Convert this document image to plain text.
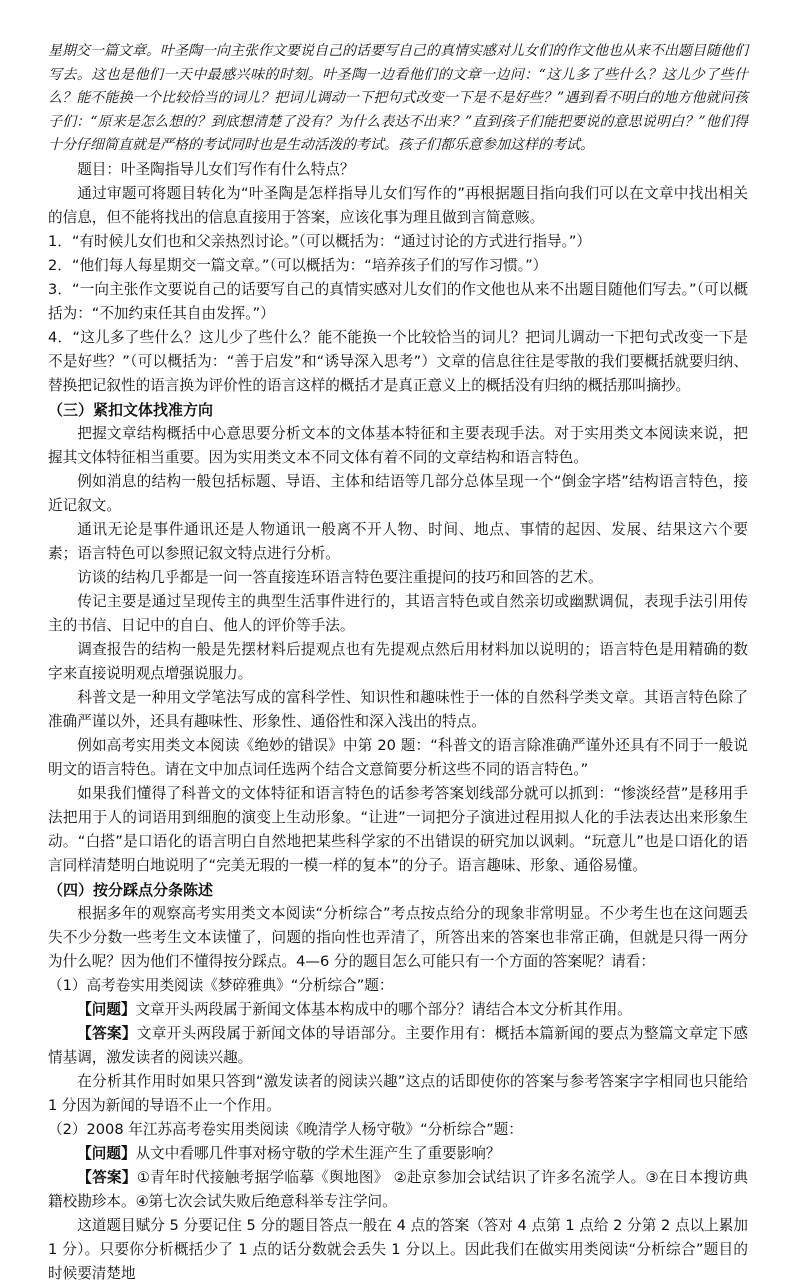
星期交一篇文章。叶圣陶一向主张作文要说自己的话要写自己的真情实感对儿女们的作文他也从来不出题目随他们写去。这也是他们一天中最感兴味的时刻。叶圣陶一边看他们的文章一边问：“这儿多了些什么？这儿少了些什么？能不能换一个比较恰当的词儿？把词儿调动一下把句式改变一下是不是好些？”遇到看不明白的地方他就问孩子们：“原来是怎么想的？到底想清楚了没有？为什么表达不出来？”直到孩子们能把要说的意思说明白？”他们得十分仔细简直就是严格的考试同时也是生动活泼的考试。孩子们都乐意参加这样的考试。

题目：叶圣陶指导儿女们写作有什么特点？

通过审题可将题目转化为“叶圣陶是怎样指导儿女们写作的”再根据题目指向我们可以在文章中找出相关的信息，但不能将找出的信息直接用于答案，应该化事为理且做到言简意赅。

1．“有时候儿女们也和父亲热烈讨论。”（可以概括为：“通过讨论的方式进行指导。”）

2．“他们每人每星期交一篇文章。”（可以概括为：“培养孩子们的写作习惯。”）

3．“一向主张作文要说自己的话要写自己的真情实感对儿女们的作文他也从来不出题目随他们写去。”（可以概括为：“不加约束任其自由发挥。”）

4．“这儿多了些什么？这儿少了些什么？能不能换一个比较恰当的词儿？把词儿调动一下把句式改变一下是不是好些？”（可以概括为：“善于启发”和“诱导深入思考”）文章的信息往往是零散的我们要概括就要归纳、替换把记叙性的语言换为评价性的语言这样的概括才是真正意义上的概括没有归纳的概括那叫摘抄。

（三）紧扣文体找准方向

把握文章结构概括中心意思要分析文本的文体基本特征和主要表现手法。对于实用类文本阅读来说，把握其文体特征相当重要。因为实用类文本不同文体有着不同的文章结构和语言特色。

例如消息的结构一般包括标题、导语、主体和结语等几部分总体呈现一个“倒金字塔”结构语言特色，接近记叙文。

通讯无论是事件通讯还是人物通讯一般离不开人物、时间、地点、事情的起因、发展、结果这六个要素；语言特色可以参照记叙文特点进行分析。

访谈的结构几乎都是一问一答直接连环语言特色要注重提问的技巧和回答的艺术。

传记主要是通过呈现传主的典型生活事件进行的，其语言特色或自然亲切或幽默调侃，表现手法引用传主的书信、日记中的自白、他人的评价等手法。

调查报告的结构一般是先摆材料后提观点也有先提观点然后用材料加以说明的；语言特色是用精确的数字来直接说明观点增强说服力。

科普文是一种用文学笔法写成的富科学性、知识性和趣味性于一体的自然科学类文章。其语言特色除了准确严谨以外，还具有趣味性、形象性、通俗性和深入浅出的特点。

例如高考实用类文本阅读《绝妙的错误》中第 20 题：“科普文的语言除准确严谨外还具有不同于一般说明文的语言特色。请在文中加点词任选两个结合文意简要分析这些不同的语言特色。”

如果我们懂得了科普文的文体特征和语言特色的话参考答案划线部分就可以抓到：“惨淡经营”是移用手法把用于人的词语用到细胞的演变上生动形象。“让进”一词把分子演进过程用拟人化的手法表达出来形象生动。“白搭”是口语化的语言明白自然地把某些科学家的不出错误的研究加以讽刺。“玩意儿”也是口语化的语言同样清楚明白地说明了“完美无瑕的一模一样的复本”的分子。语言趣味、形象、通俗易懂。

（四）按分踩点分条陈述

根据多年的观察高考实用类文本阅读“分析综合”考点按点给分的现象非常明显。不少考生也在这问题丢失不少分数一些考生文本读懂了，问题的指向性也弄清了，所答出来的答案也非常正确，但就是只得一两分为什么呢？因为他们不懂得按分踩点。4—6 分的题目怎么可能只有一个方面的答案呢？请看：

（1）高考卷实用类阅读《梦碎雅典》“分析综合”题：

【问题】文章开头两段属于新闻文体基本构成中的哪个部分？请结合本文分析其作用。

【答案】文章开头两段属于新闻文体的导语部分。主要作用有：概括本篇新闻的要点为整篇文章定下感情基调，激发读者的阅读兴趣。

在分析其作用时如果只答到“激发读者的阅读兴趣”这点的话即使你的答案与参考答案字字相同也只能给 1 分因为新闻的导语不止一个作用。

（2）2008 年江苏高考卷实用类阅读《晚清学人杨守敬》“分析综合”题：

【问题】从文中看哪几件事对杨守敬的学术生涯产生了重要影响？

【答案】①青年时代接触考据学临摹《舆地图》 ②赴京参加会试结识了许多名流学人。③在日本搜访典籍校勘珍本。④第七次会试失败后绝意科举专注学问。

这道题目赋分 5 分要记住 5 分的题目答点一般在 4 点的答案（答对 4 点第 1 点给 2 分第 2 点以上累加 1 分）。只要你分析概括少了 1 点的话分数就会丢失 1 分以上。因此我们在做实用类阅读“分析综合”题目的时候要清楚地
